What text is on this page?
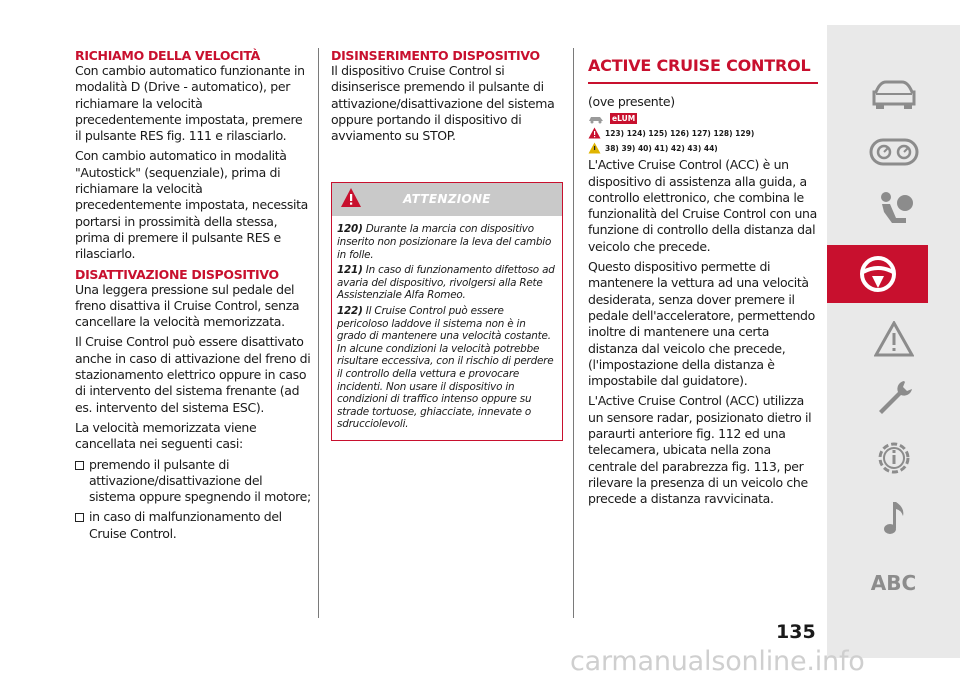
RICHIAMO DELLA VELOCITÀ

Con cambio automatico funzionante in modalità D (Drive - automatico), per richiamare la velocità precedentemente impostata, premere il pulsante RES fig. 111 e rilasciarlo.

Con cambio automatico in modalità "Autostick" (sequenziale), prima di richiamare la velocità precedentemente impostata, necessita portarsi in prossimità della stessa, prima di premere il pulsante RES e rilasciarlo.

DISATTIVAZIONE DISPOSITIVO

Una leggera pressione sul pedale del freno disattiva il Cruise Control, senza cancellare la velocità memorizzata.

Il Cruise Control può essere disattivato anche in caso di attivazione del freno di stazionamento elettrico oppure in caso di intervento del sistema frenante (ad es. intervento del sistema ESC).

La velocità memorizzata viene cancellata nei seguenti casi:

premendo il pulsante di attivazione/disattivazione del sistema oppure spegnendo il motore;

in caso di malfunzionamento del Cruise Control.

DISINSERIMENTO DISPOSITIVO

Il dispositivo Cruise Control si disinserisce premendo il pulsante di attivazione/disattivazione del sistema oppure portando il dispositivo di avviamento su STOP.

ATTENZIONE

120) Durante la marcia con dispositivo inserito non posizionare la leva del cambio in folle.

121) In caso di funzionamento difettoso ad avaria del dispositivo, rivolgersi alla Rete Assistenziale Alfa Romeo.

122) Il Cruise Control può essere pericoloso laddove il sistema non è in grado di mantenere una velocità costante. In alcune condizioni la velocità potrebbe risultare eccessiva, con il rischio di perdere il controllo della vettura e provocare incidenti. Non usare il dispositivo in condizioni di traffico intenso oppure su strade tortuose, ghiacciate, innevate o sdrucciolevoli.

ACTIVE CRUISE CONTROL

(ove presente)

eLUM
123) 124) 125) 126) 127) 128) 129)
38) 39) 40) 41) 42) 43) 44)

L'Active Cruise Control (ACC) è un dispositivo di assistenza alla guida, a controllo elettronico, che combina le funzionalità del Cruise Control con una funzione di controllo della distanza dal veicolo che precede.

Questo dispositivo permette di mantenere la vettura ad una velocità desiderata, senza dover premere il pedale dell'acceleratore, permettendo inoltre di mantenere una certa distanza dal veicolo che precede, (l'impostazione della distanza è impostabile dal guidatore).

L'Active Cruise Control (ACC) utilizza un sensore radar, posizionato dietro il paraurti anteriore fig. 112 ed una telecamera, ubicata nella zona centrale del parabrezza fig. 113, per rilevare la presenza di un veicolo che precede a distanza ravvicinata.

ABC
135
carmanualsonline.info
